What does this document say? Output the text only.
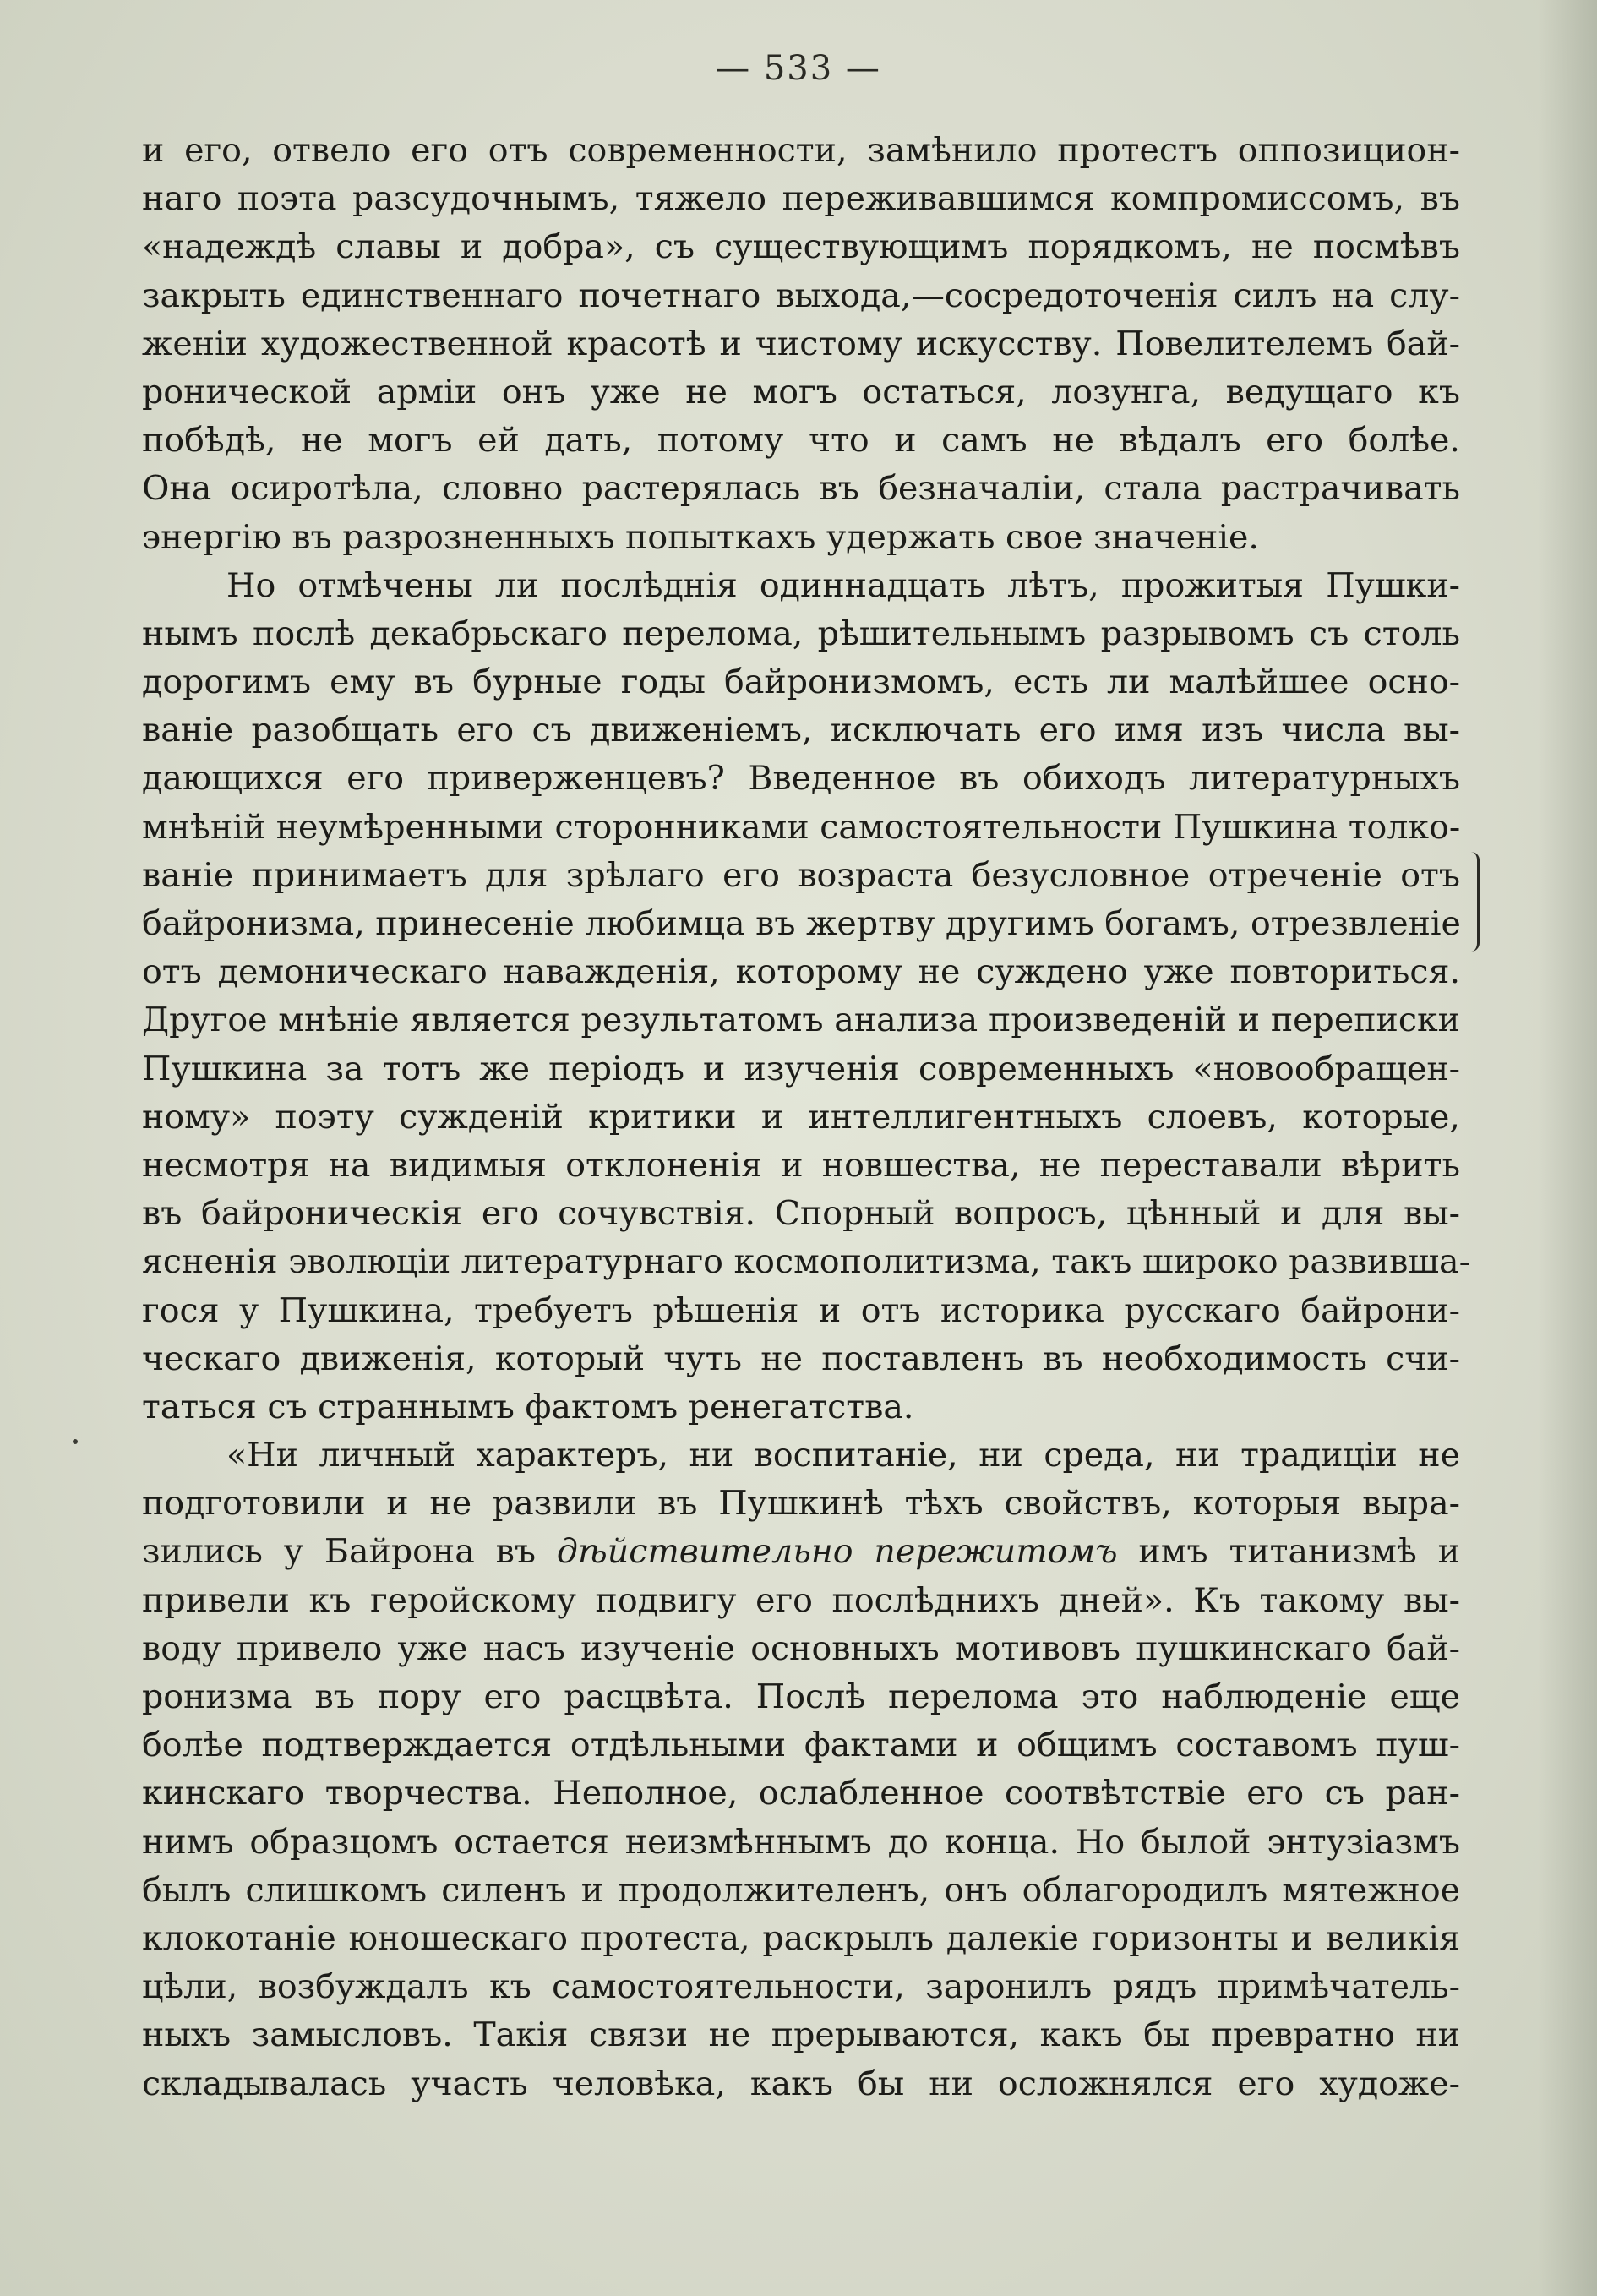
— 533 —
и его, отвело его отъ современности, замѣнило протестъ оппозицион-
наго поэта разсудочнымъ, тяжело переживавшимся компромиссомъ, въ
«надеждѣ славы и добра», съ существующимъ порядкомъ, не посмѣвъ
закрыть единственнаго почетнаго выхода,—сосредоточенія силъ на слу-
женіи художественной красотѣ и чистому искусству. Повелителемъ бай-
ронической арміи онъ уже не могъ остаться, лозунга, ведущаго къ
побѣдѣ, не могъ ей дать, потому что и самъ не вѣдалъ его болѣе.
Она осиротѣла, словно растерялась въ безначаліи, стала растрачивать
энергію въ разрозненныхъ попыткахъ удержать свое значеніе.
Но отмѣчены ли послѣднія одиннадцать лѣтъ, прожитыя Пушки-
нымъ послѣ декабрьскаго перелома, рѣшительнымъ разрывомъ съ столь
дорогимъ ему въ бурные годы байронизмомъ, есть ли малѣйшее осно-
ваніе разобщать его съ движеніемъ, исключать его имя изъ числа вы-
дающихся его приверженцевъ? Введенное въ обиходъ литературныхъ
мнѣній неумѣренными сторонниками самостоятельности Пушкина толко-
ваніе принимаетъ для зрѣлаго его возраста безусловное отреченіе отъ
байронизма, принесеніе любимца въ жертву другимъ богамъ, отрезвленіе
отъ демоническаго наважденія, которому не суждено уже повториться.
Другое мнѣніе является результатомъ анализа произведеній и переписки
Пушкина за тотъ же періодъ и изученія современныхъ «новообращен-
ному» поэту сужденій критики и интеллигентныхъ слоевъ, которые,
несмотря на видимыя отклоненія и новшества, не переставали вѣрить
въ байроническія его сочувствія. Спорный вопросъ, цѣнный и для вы-
ясненія эволюціи литературнаго космополитизма, такъ широко развивша-
гося у Пушкина, требуетъ рѣшенія и отъ историка русскаго байрони-
ческаго движенія, который чуть не поставленъ въ необходимость счи-
таться съ страннымъ фактомъ ренегатства.
«Ни личный характеръ, ни воспитаніе, ни среда, ни традиціи не
подготовили и не развили въ Пушкинѣ тѣхъ свойствъ, которыя выра-
зились у Байрона въ дѣйствительно пережитомъ имъ титанизмѣ и
привели къ геройскому подвигу его послѣднихъ дней». Къ такому вы-
воду привело уже насъ изученіе основныхъ мотивовъ пушкинскаго бай-
ронизма въ пору его расцвѣта. Послѣ перелома это наблюденіе еще
болѣе подтверждается отдѣльными фактами и общимъ составомъ пуш-
кинскаго творчества. Неполное, ослабленное соотвѣтствіе его съ ран-
нимъ образцомъ остается неизмѣннымъ до конца. Но былой энтузіазмъ
былъ слишкомъ силенъ и продолжителенъ, онъ облагородилъ мятежное
клокотаніе юношескаго протеста, раскрылъ далекіе горизонты и великія
цѣли, возбуждалъ къ самостоятельности, заронилъ рядъ примѣчатель-
ныхъ замысловъ. Такія связи не прерываются, какъ бы превратно ни
складывалась участь человѣка, какъ бы ни осложнялся его художе-
